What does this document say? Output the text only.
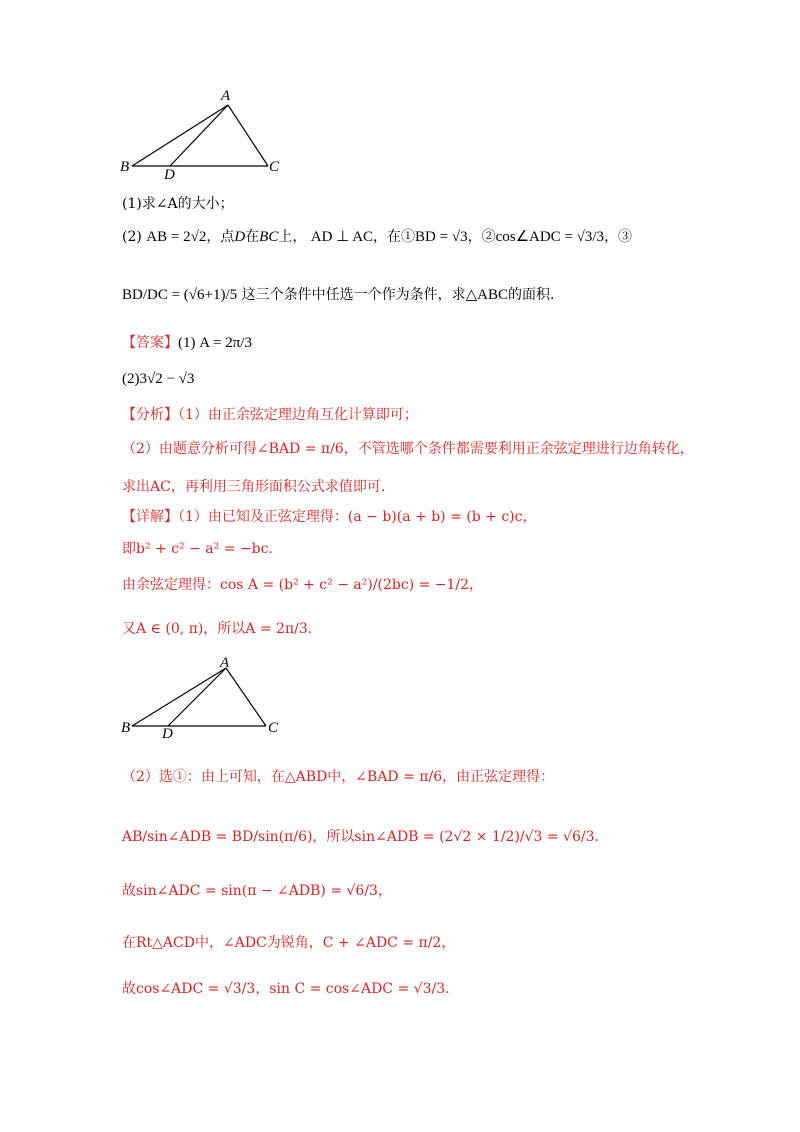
A
B	C
D
(1)求∠A的大小；
(2) AB = 2√2，点D在BC上， AD ⊥ AC，在①BD = √3，②cos∠ADC = √3/3，③
BD/DC = (√6+1)/5 这三个条件中任选一个作为条件，求△ABC的面积.
【答案】(1) A = 2π/3
(2)3√2 − √3
【分析】（1）由正余弦定理边角互化计算即可；
（2）由题意分析可得∠BAD = π/6，不管选哪个条件都需要利用正余弦定理进行边角转化，
求出AC，再利用三角形面积公式求值即可.
【详解】（1）由已知及正弦定理得：(a − b)(a + b) = (b + c)c，
即b² + c² − a² = −bc.
由余弦定理得：cos A = (b² + c² − a²)/(2bc) = −1/2，
又A ∈ (0, π)，所以A = 2π/3.
A
B	C
D
（2）选①：由上可知，在△ABD中，∠BAD = π/6，由正弦定理得：
AB/sin∠ADB = BD/sin(π/6)，所以sin∠ADB = (2√2 × 1/2)/√3 = √6/3.
故sin∠ADC = sin(π − ∠ADB) = √6/3，
在Rt△ACD中，∠ADC为锐角，C + ∠ADC = π/2，
故cos∠ADC = √3/3，sin C = cos∠ADC = √3/3.
